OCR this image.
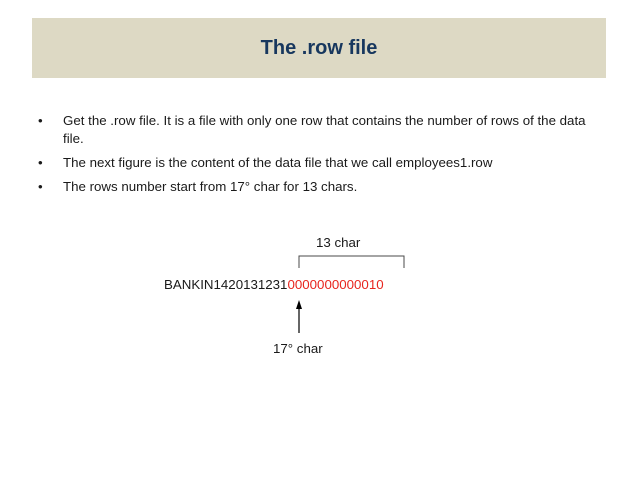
The .row file
• Get the .row file. It is a file with only one row that contains the number of rows of the data file.
• The next figure is the content of the data file that we call employees1.row
• The rows number start from 17° char for 13 chars.
13 char
BANKIN14201312310000000000010
17° char
